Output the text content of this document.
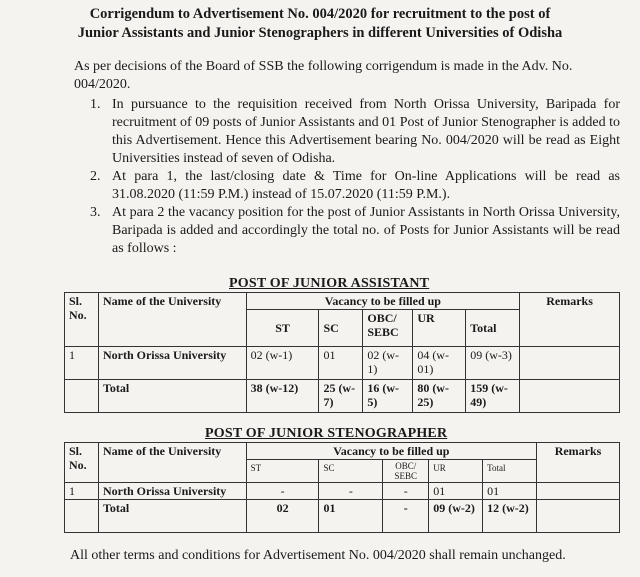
Corrigendum to Advertisement No. 004/2020 for recruitment to the post of
Junior Assistants and Junior Stenographers in different Universities of Odisha
As per decisions of the Board of SSB the following corrigendum is made in the Adv. No. 004/2020.
1. In pursuance to the requisition received from North Orissa University, Baripada for recruitment of 09 posts of Junior Assistants and 01 Post of Junior Stenographer is added to this Advertisement. Hence this Advertisement bearing No. 004/2020 will be read as Eight Universities instead of seven of Odisha.
2. At para 1, the last/closing date & Time for On-line Applications will be read as 31.08.2020 (11:59 P.M.) instead of 15.07.2020 (11:59 P.M.).
3. At para 2 the vacancy position for the post of Junior Assistants in North Orissa University, Baripada is added and accordingly the total no. of Posts for Junior Assistants will be read as follows :
POST OF JUNIOR ASSISTANT
Sl. No.	Name of the University	Vacancy to be filled up					Remarks
		ST	SC	OBC/ SEBC	UR	Total	
1	North Orissa University	02 (w-1)	01	02 (w-1)	04 (w-01)	09 (w-3)	
	Total	38 (w-12)	25 (w-7)	16 (w-5)	80 (w-25)	159 (w-49)	
POST OF JUNIOR STENOGRAPHER
Sl. No.	Name of the University	Vacancy to be filled up					Remarks
		ST	SC	OBC/ SEBC	UR	Total	
1	North Orissa University	-	-	-	01	01	
	Total	02	01	-	09 (w-2)	12 (w-2)	
All other terms and conditions for Advertisement No. 004/2020 shall remain unchanged.
